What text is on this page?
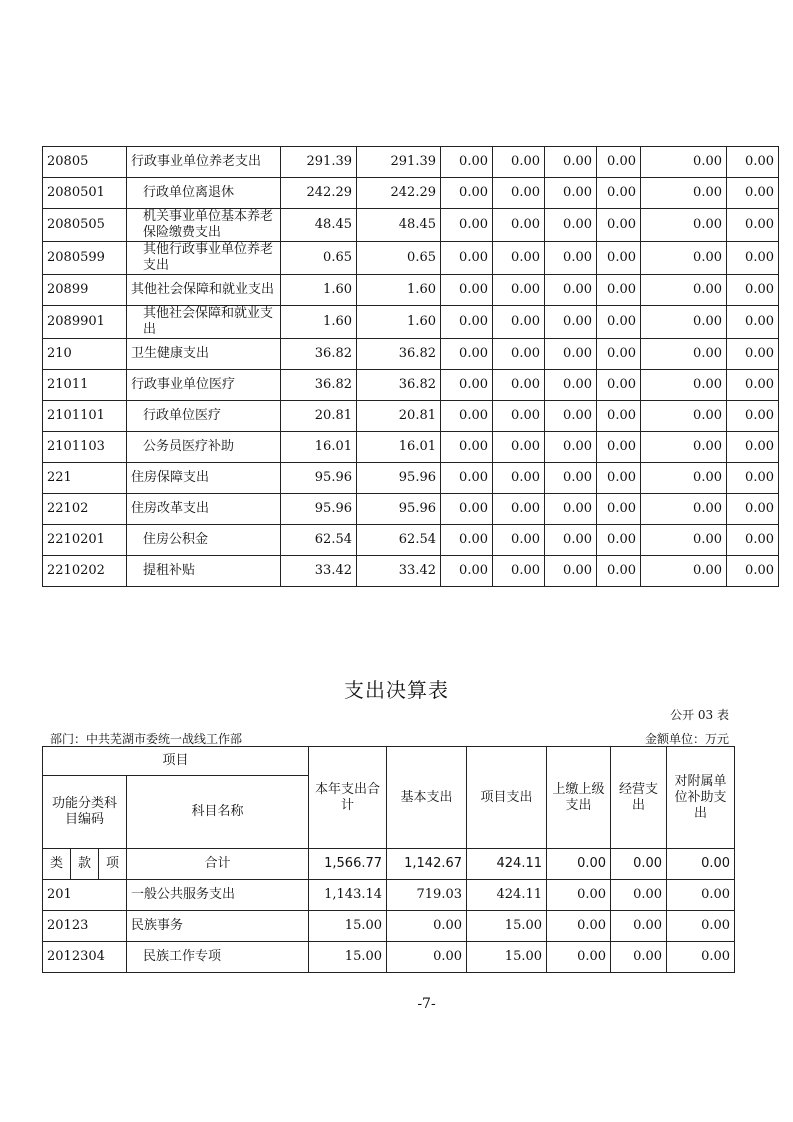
20805	行政事业单位养老支出	291.39	291.39	0.00	0.00	0.00	0.00	0.00	0.00
2080501	行政单位离退休	242.29	242.29	0.00	0.00	0.00	0.00	0.00	0.00
2080505	机关事业单位基本养老保险缴费支出	48.45	48.45	0.00	0.00	0.00	0.00	0.00	0.00
2080599	其他行政事业单位养老支出	0.65	0.65	0.00	0.00	0.00	0.00	0.00	0.00
20899	其他社会保障和就业支出	1.60	1.60	0.00	0.00	0.00	0.00	0.00	0.00
2089901	其他社会保障和就业支出	1.60	1.60	0.00	0.00	0.00	0.00	0.00	0.00
210	卫生健康支出	36.82	36.82	0.00	0.00	0.00	0.00	0.00	0.00
21011	行政事业单位医疗	36.82	36.82	0.00	0.00	0.00	0.00	0.00	0.00
2101101	行政单位医疗	20.81	20.81	0.00	0.00	0.00	0.00	0.00	0.00
2101103	公务员医疗补助	16.01	16.01	0.00	0.00	0.00	0.00	0.00	0.00
221	住房保障支出	95.96	95.96	0.00	0.00	0.00	0.00	0.00	0.00
22102	住房改革支出	95.96	95.96	0.00	0.00	0.00	0.00	0.00	0.00
2210201	住房公积金	62.54	62.54	0.00	0.00	0.00	0.00	0.00	0.00
2210202	提租补贴	33.42	33.42	0.00	0.00	0.00	0.00	0.00	0.00
支出决算表
公开 03 表
部门：中共芜湖市委统一战线工作部	金额单位：万元
项目				本年支出合计	基本支出	项目支出	上缴上级支出	经营支出	对附属单位补助支出
功能分类科目编码			科目名称						
类	款	项	合计	1,566.77	1,142.67	424.11	0.00	0.00	0.00
201			一般公共服务支出	1,143.14	719.03	424.11	0.00	0.00	0.00
20123			民族事务	15.00	0.00	15.00	0.00	0.00	0.00
2012304			民族工作专项	15.00	0.00	15.00	0.00	0.00	0.00
-7-
